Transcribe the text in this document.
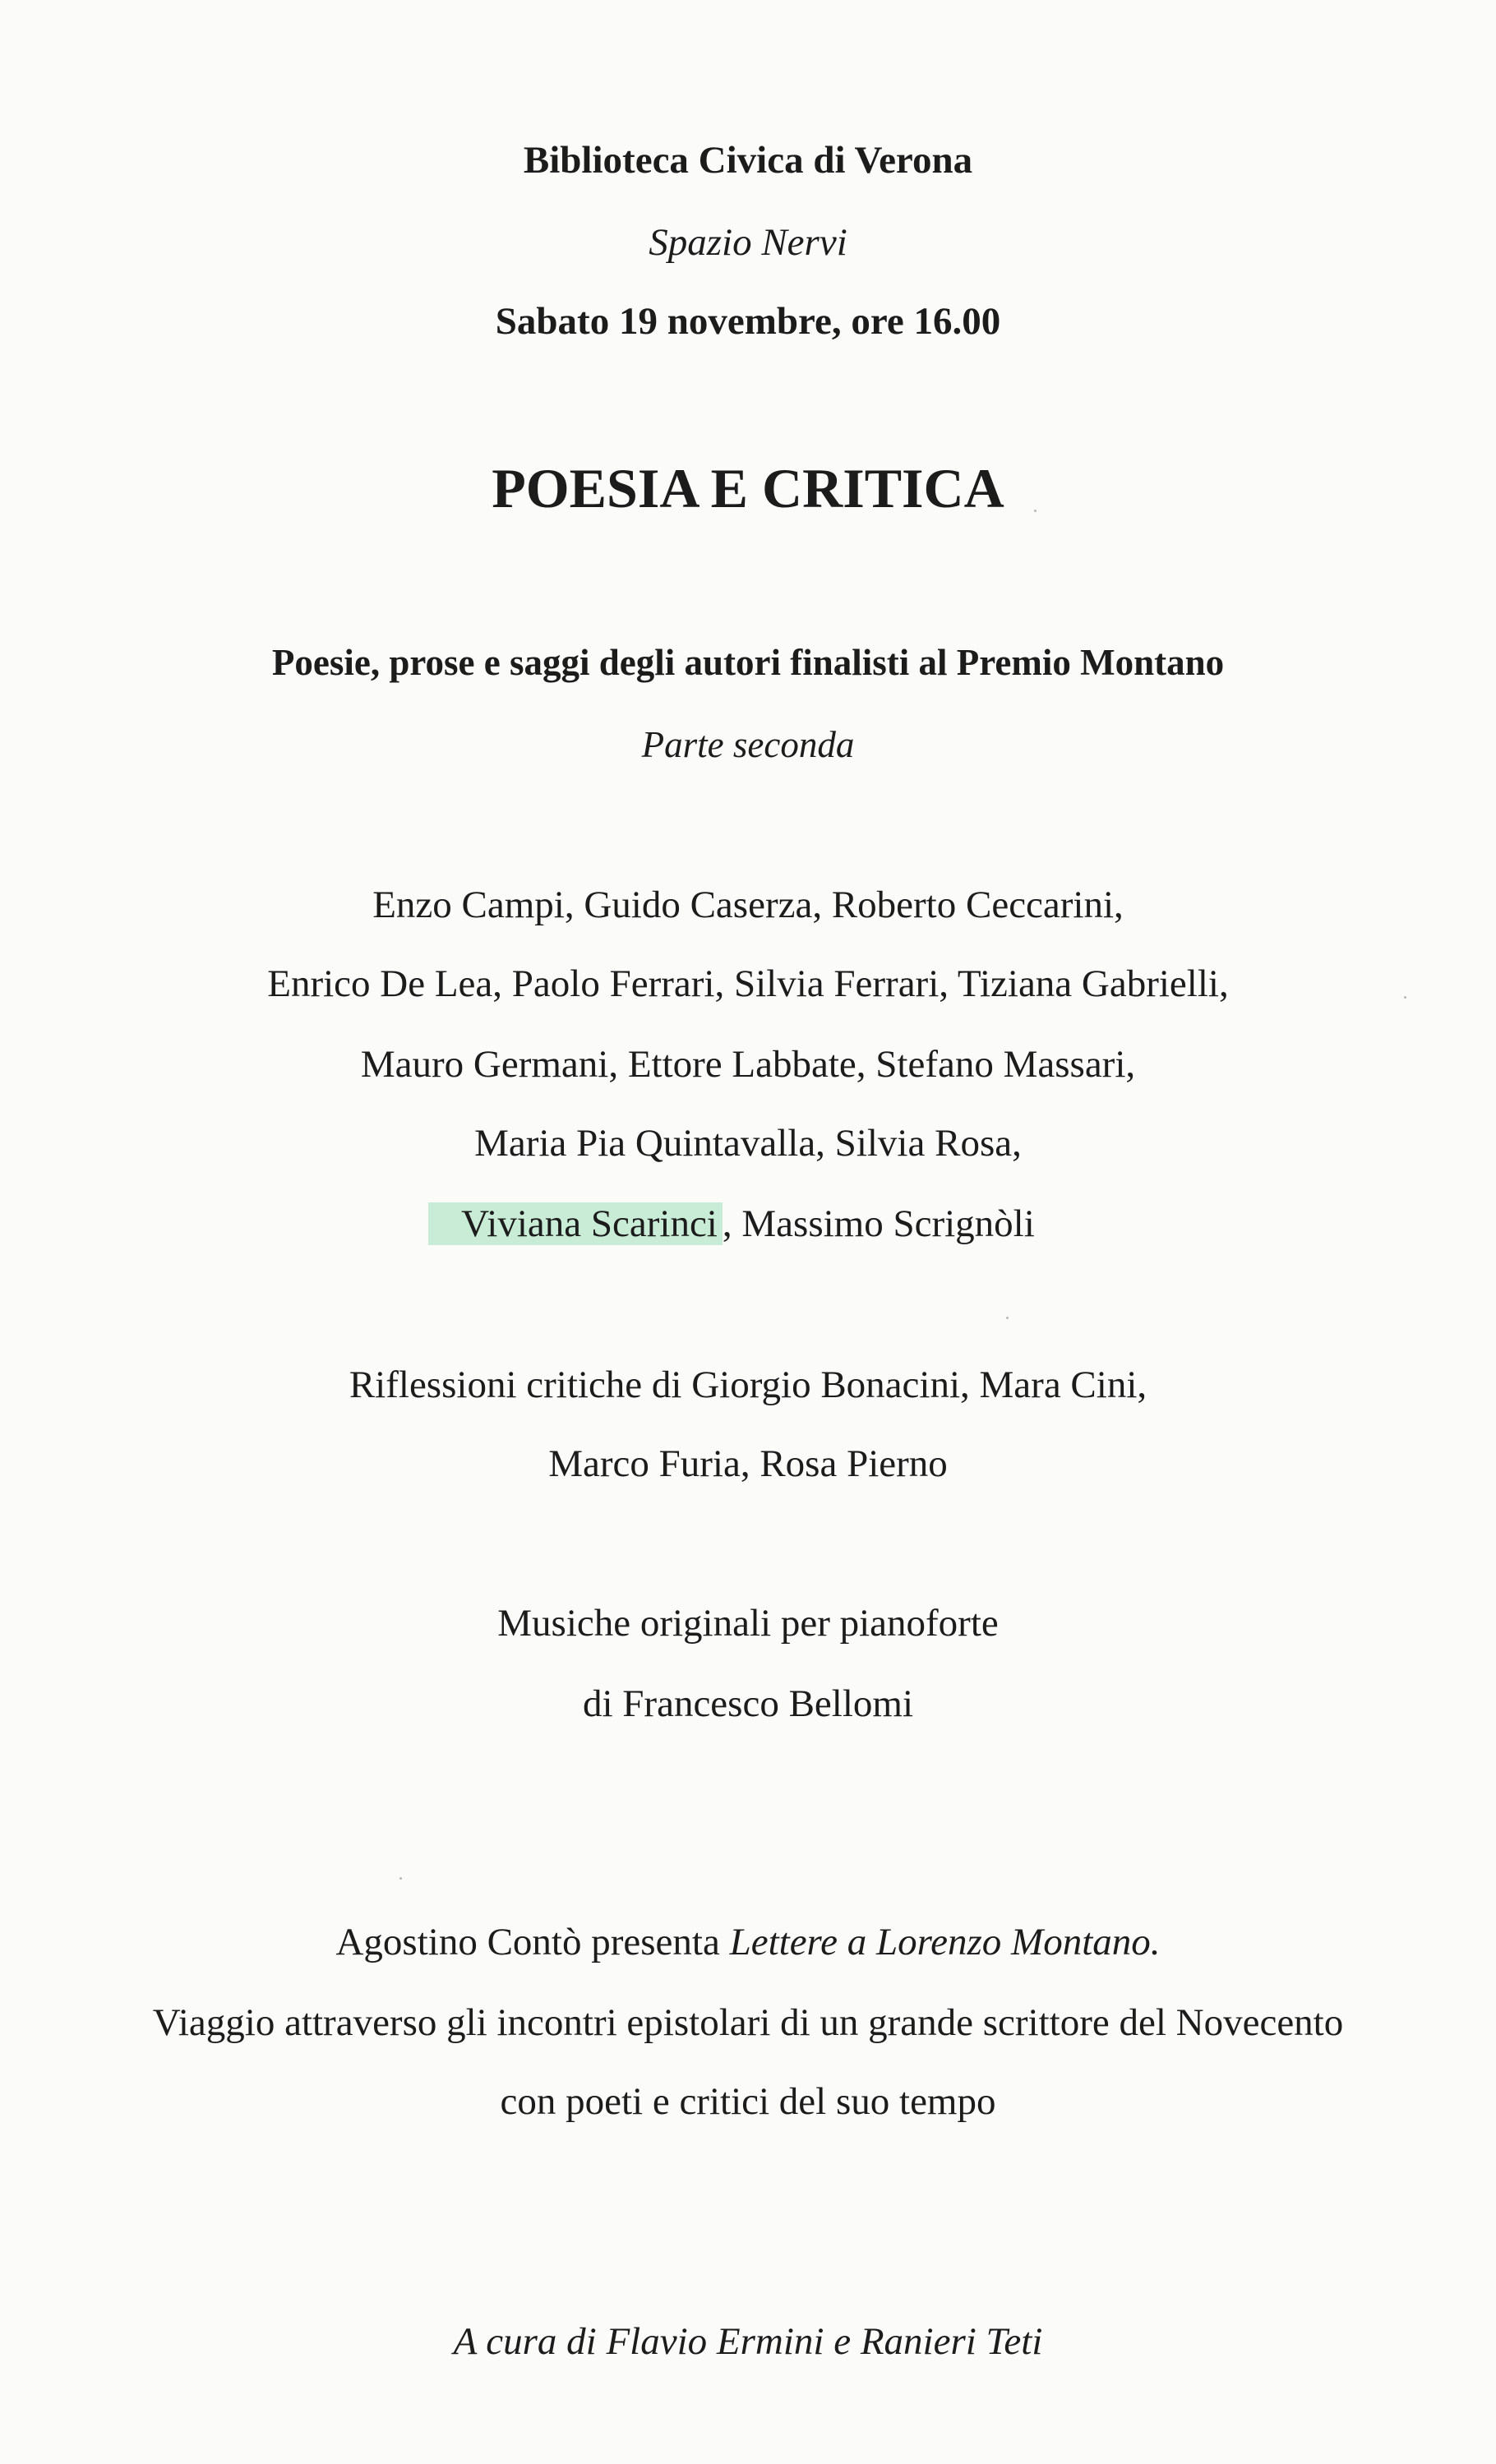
Biblioteca Civica di Verona
Spazio Nervi
Sabato 19 novembre, ore 16.00
POESIA E CRITICA
Poesie, prose e saggi degli autori finalisti al Premio Montano
Parte seconda
Enzo Campi, Guido Caserza, Roberto Ceccarini,
Enrico De Lea, Paolo Ferrari, Silvia Ferrari, Tiziana Gabrielli,
Mauro Germani, Ettore Labbate, Stefano Massari,
Maria Pia Quintavalla, Silvia Rosa,
Viviana Scarinci , Massimo Scrignòli
Riflessioni critiche di Giorgio Bonacini, Mara Cini,
Marco Furia, Rosa Pierno
Musiche originali per pianoforte
di Francesco Bellomi
Agostino Contò presenta Lettere a Lorenzo Montano.
Viaggio attraverso gli incontri epistolari di un grande scrittore del Novecento
con poeti e critici del suo tempo
A cura di Flavio Ermini e Ranieri Teti
